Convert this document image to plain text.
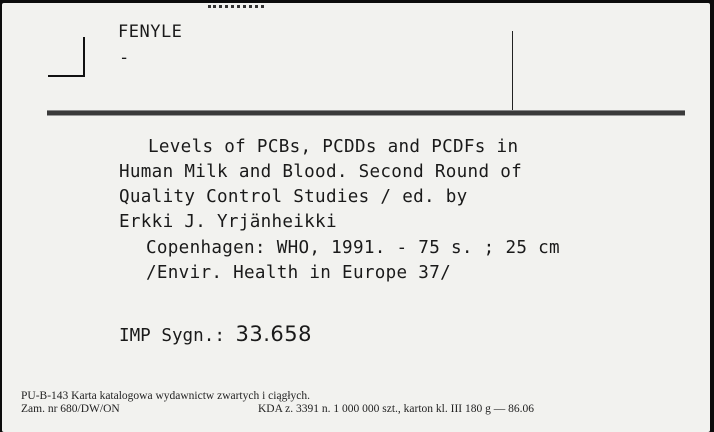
FENYLE
-
Levels of PCBs, PCDDs and PCDFs in
Human Milk and Blood. Second Round of
Quality Control Studies / ed. by
Erkki J. Yrjänheikki
Copenhagen: WHO, 1991. - 75 s. ; 25 cm
/Envir. Health in Europe 37/
IMP Sygn.: 33.658
PU-B-143 Karta katalogowa wydawnictw zwartych i ciągłych.
Zam. nr 680/DW/ON	KDA z. 3391 n. 1 000 000 szt., karton kl. III 180 g — 86.06
